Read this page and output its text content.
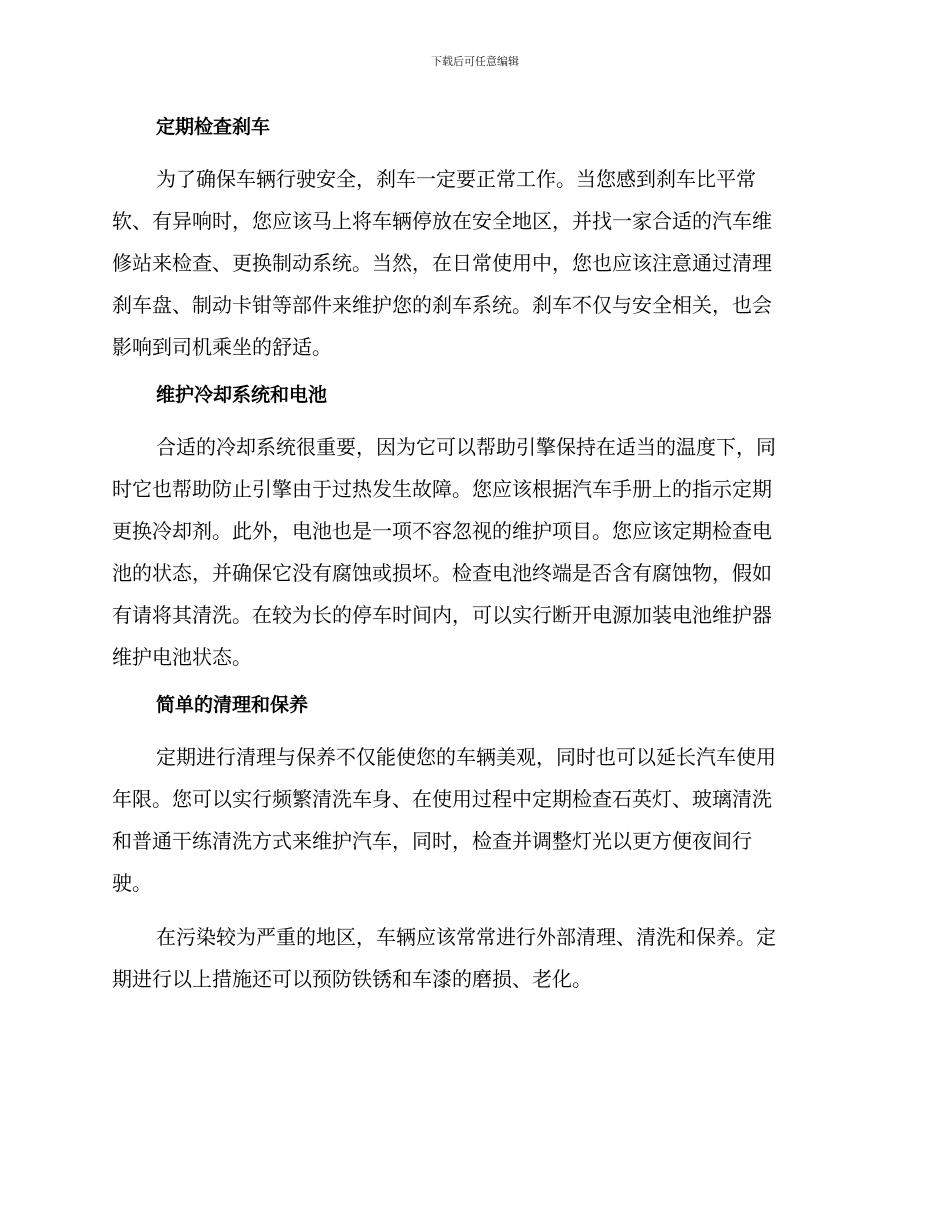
下载后可任意编辑
定期检查刹车
为了确保车辆行驶安全，刹车一定要正常工作。当您感到刹车比平常
软、有异响时，您应该马上将车辆停放在安全地区，并找一家合适的汽车维
修站来检查、更换制动系统。当然，在日常使用中，您也应该注意通过清理
刹车盘、制动卡钳等部件来维护您的刹车系统。刹车不仅与安全相关，也会
影响到司机乘坐的舒适。
维护冷却系统和电池
合适的冷却系统很重要，因为它可以帮助引擎保持在适当的温度下，同
时它也帮助防止引擎由于过热发生故障。您应该根据汽车手册上的指示定期
更换冷却剂。此外，电池也是一项不容忽视的维护项目。您应该定期检查电
池的状态，并确保它没有腐蚀或损坏。检查电池终端是否含有腐蚀物，假如
有请将其清洗。在较为长的停车时间内，可以实行断开电源加装电池维护器
维护电池状态。
简单的清理和保养
定期进行清理与保养不仅能使您的车辆美观，同时也可以延长汽车使用
年限。您可以实行频繁清洗车身、在使用过程中定期检查石英灯、玻璃清洗
和普通干练清洗方式来维护汽车，同时，检查并调整灯光以更方便夜间行
驶。
在污染较为严重的地区，车辆应该常常进行外部清理、清洗和保养。定
期进行以上措施还可以预防铁锈和车漆的磨损、老化。
